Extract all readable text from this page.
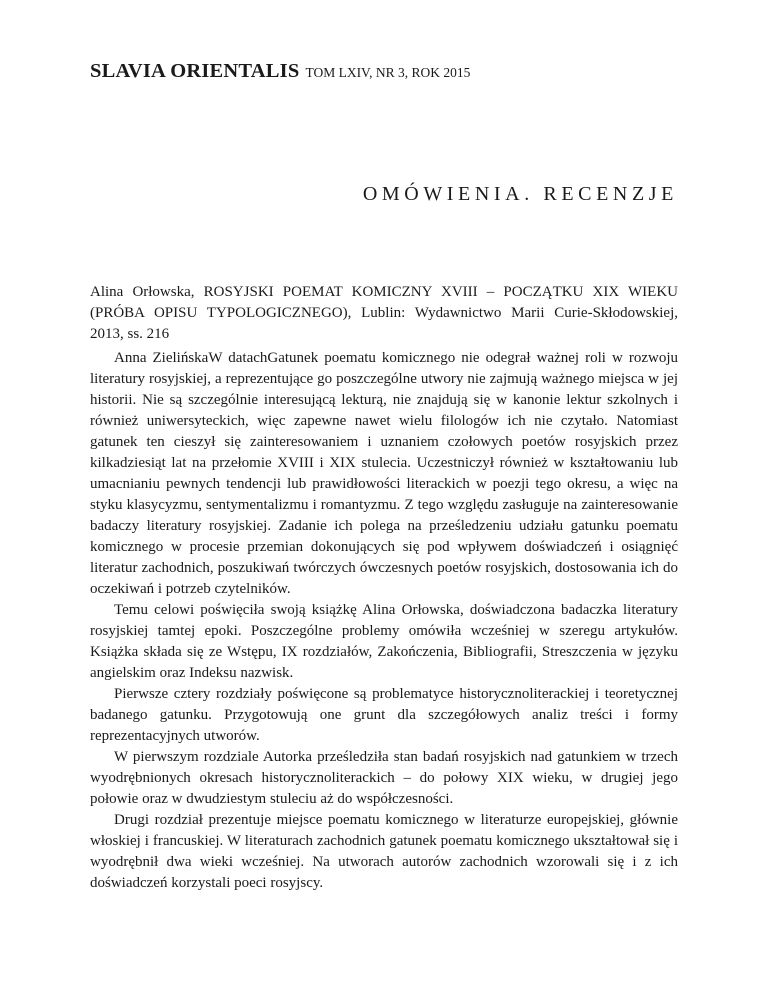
SLAVIA ORIENTALIS TOM LXIV, NR 3, ROK 2015
OMÓWIENIA. RECENZJE
Alina Orłowska, ROSYJSKI POEMAT KOMICZNY XVIII – POCZĄTKU XIX WIEKU (PRÓBA OPISU TYPOLOGICZNEGO), Lublin: Wydawnictwo Marii Curie-Skłodowskiej, 2013, ss. 216

Anna ZielińskaW datachGatunek poematu komicznego nie odegrał ważnej roli w rozwoju literatury rosyjskiej, a reprezentujące go poszczególne utwory nie zajmują ważnego miejsca w jej historii. Nie są szczególnie interesującą lekturą, nie znajdują się w kanonie lektur szkolnych i również uniwersyteckich, więc zapewne nawet wielu filologów ich nie czytało. Natomiast gatunek ten cieszył się zainteresowaniem i uznaniem czołowych poetów rosyjskich przez kilkadziesiąt lat na przełomie XVIII i XIX stulecia. Uczestniczył również w kształtowaniu lub umacnianiu pewnych tendencji lub prawidłowości literackich w poezji tego okresu, a więc na styku klasycyzmu, sentymentalizmu i romantyzmu. Z tego względu zasługuje na zainteresowanie badaczy literatury rosyjskiej. Zadanie ich polega na prześledzeniu udziału gatunku poematu komicznego w procesie przemian dokonujących się pod wpływem doświadczeń i osiągnięć literatur zachodnich, poszukiwań twórczych ówczesnych poetów rosyjskich, dostosowania ich do oczekiwań i potrzeb czytelników.

Temu celowi poświęciła swoją książkę Alina Orłowska, doświadczona badaczka literatury rosyjskiej tamtej epoki. Poszczególne problemy omówiła wcześniej w szeregu artykułów. Książka składa się ze Wstępu, IX rozdziałów, Zakończenia, Bibliografii, Streszczenia w języku angielskim oraz Indeksu nazwisk.

Pierwsze cztery rozdziały poświęcone są problematyce historycznoliterackiej i teoretycznej badanego gatunku. Przygotowują one grunt dla szczegółowych analiz treści i formy reprezentacyjnych utworów.

W pierwszym rozdziale Autorka prześledziła stan badań rosyjskich nad gatunkiem w trzech wyodrębnionych okresach historycznoliterackich – do połowy XIX wieku, w drugiej jego połowie oraz w dwudziestym stuleciu aż do współczesności.

Drugi rozdział prezentuje miejsce poematu komicznego w literaturze europejskiej, głównie włoskiej i francuskiej. W literaturach zachodnich gatunek poematu komicznego ukształtował się i wyodrębnił dwa wieki wcześniej. Na utworach autorów zachodnich wzorowali się i z ich doświadczeń korzystali poeci rosyjscy.
